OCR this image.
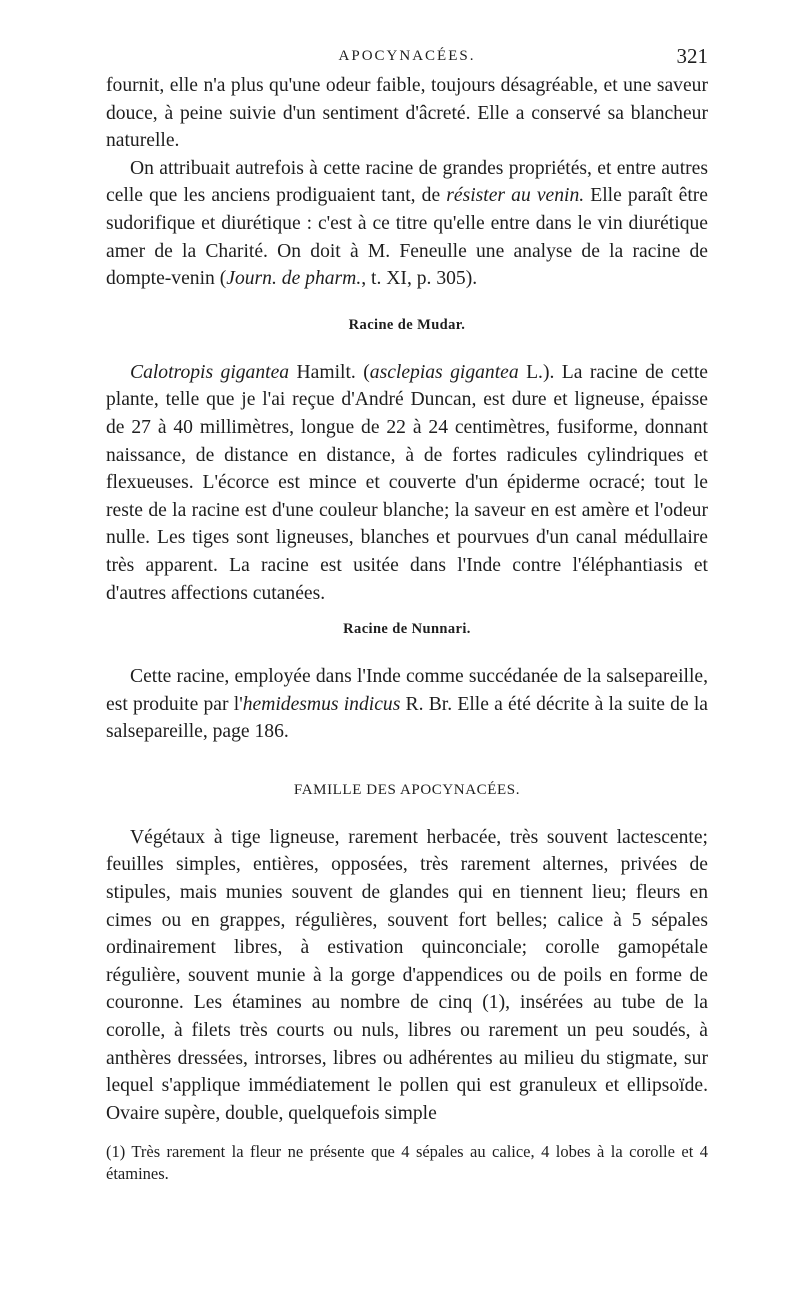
APOCYNACÉES.	321

fournit, elle n'a plus qu'une odeur faible, toujours désagréable, et une saveur douce, à peine suivie d'un sentiment d'âcreté. Elle a conservé sa blancheur naturelle.

On attribuait autrefois à cette racine de grandes propriétés, et entre autres celle que les anciens prodiguaient tant, de résister au venin. Elle paraît être sudorifique et diurétique : c'est à ce titre qu'elle entre dans le vin diurétique amer de la Charité. On doit à M. Feneulle une analyse de la racine de dompte-venin (Journ. de pharm., t. XI, p. 305).

Racine de Mudar.

Calotropis gigantea Hamilt. (asclepias gigantea L.). La racine de cette plante, telle que je l'ai reçue d'André Duncan, est dure et ligneuse, épaisse de 27 à 40 millimètres, longue de 22 à 24 centimètres, fusiforme, donnant naissance, de distance en distance, à de fortes radicules cylindriques et flexueuses. L'écorce est mince et couverte d'un épiderme ocracé; tout le reste de la racine est d'une couleur blanche; la saveur en est amère et l'odeur nulle. Les tiges sont ligneuses, blanches et pourvues d'un canal médullaire très apparent. La racine est usitée dans l'Inde contre l'éléphantiasis et d'autres affections cutanées.

Racine de Nunnari.

Cette racine, employée dans l'Inde comme succédanée de la salsepareille, est produite par l'hemidesmus indicus R. Br. Elle a été décrite à la suite de la salsepareille, page 186.

FAMILLE DES APOCYNACÉES.

Végétaux à tige ligneuse, rarement herbacée, très souvent lactescente; feuilles simples, entières, opposées, très rarement alternes, privées de stipules, mais munies souvent de glandes qui en tiennent lieu; fleurs en cimes ou en grappes, régulières, souvent fort belles; calice à 5 sépales ordinairement libres, à estivation quinconciale; corolle gamopétale régulière, souvent munie à la gorge d'appendices ou de poils en forme de couronne. Les étamines au nombre de cinq (1), insérées au tube de la corolle, à filets très courts ou nuls, libres ou rarement un peu soudés, à anthères dressées, introrses, libres ou adhérentes au milieu du stigmate, sur lequel s'applique immédiatement le pollen qui est granuleux et ellipsoïde. Ovaire supère, double, quelquefois simple

(1) Très rarement la fleur ne présente que 4 sépales au calice, 4 lobes à la corolle et 4 étamines.
